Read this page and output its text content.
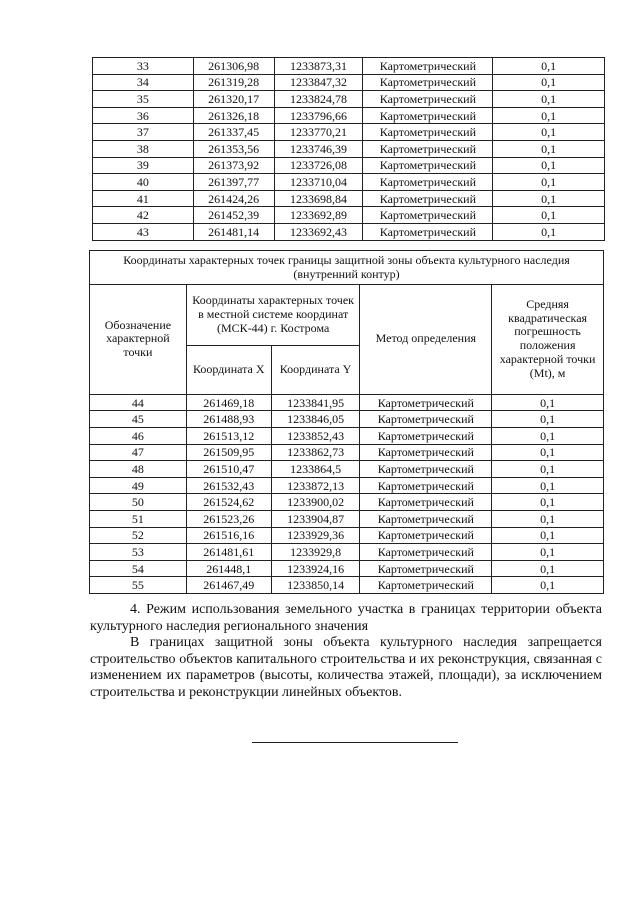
33	261306,98	1233873,31	Картометрический	0,1
34	261319,28	1233847,32	Картометрический	0,1
35	261320,17	1233824,78	Картометрический	0,1
36	261326,18	1233796,66	Картометрический	0,1
37	261337,45	1233770,21	Картометрический	0,1
38	261353,56	1233746,39	Картометрический	0,1
39	261373,92	1233726,08	Картометрический	0,1
40	261397,77	1233710,04	Картометрический	0,1
41	261424,26	1233698,84	Картометрический	0,1
42	261452,39	1233692,89	Картометрический	0,1
43	261481,14	1233692,43	Картометрический	0,1
Координаты характерных точек границы защитной зоны объекта культурного наследия (внутренний контур)				
Обозначение характерной точки	Координаты характерных точек в местной системе координат (МСК-44) г. Кострома		Метод определения	Средняя квадратическая погрешность положения характерной точки (Mt), м
	Координата X	Координата Y		
44	261469,18	1233841,95	Картометрический	0,1
45	261488,93	1233846,05	Картометрический	0,1
46	261513,12	1233852,43	Картометрический	0,1
47	261509,95	1233862,73	Картометрический	0,1
48	261510,47	1233864,5	Картометрический	0,1
49	261532,43	1233872,13	Картометрический	0,1
50	261524,62	1233900,02	Картометрический	0,1
51	261523,26	1233904,87	Картометрический	0,1
52	261516,16	1233929,36	Картометрический	0,1
53	261481,61	1233929,8	Картометрический	0,1
54	261448,1	1233924,16	Картометрический	0,1
55	261467,49	1233850,14	Картометрический	0,1

4. Режим использования земельного участка в границах территории объекта культурного наследия регионального значения

В границах защитной зоны объекта культурного наследия запрещается строительство объектов капитального строительства и их реконструкция, связанная с изменением их параметров (высоты, количества этажей, площади), за исключением строительства и реконструкции линейных объектов.
